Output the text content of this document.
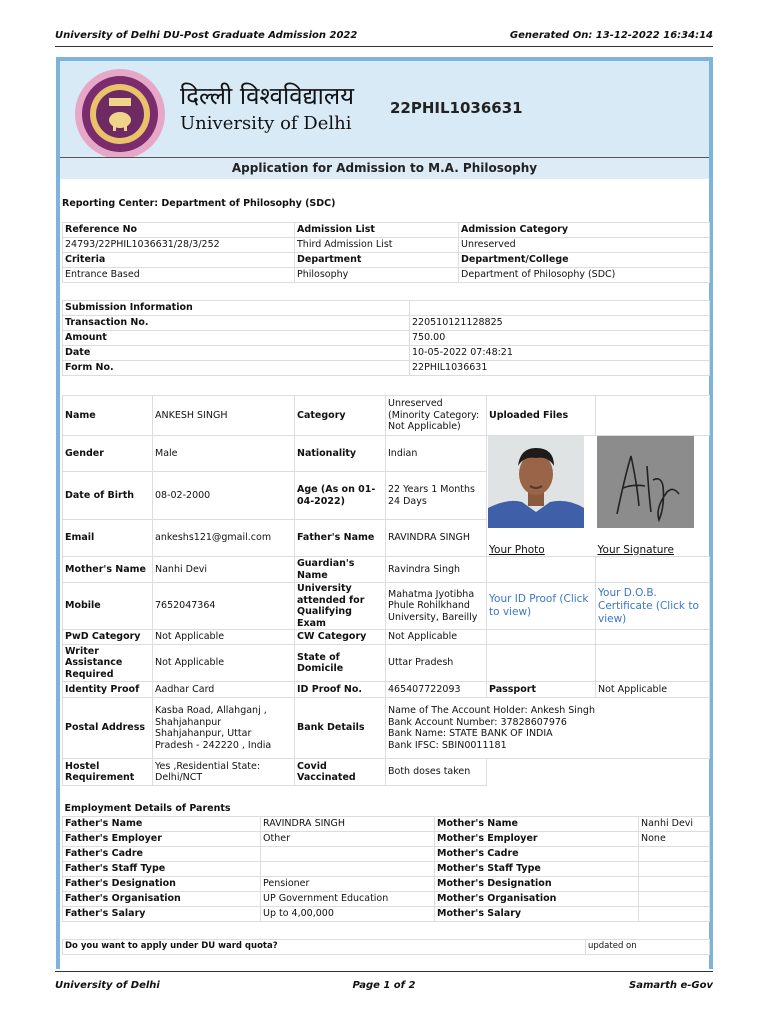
University of Delhi DU-Post Graduate Admission 2022	Generated On: 13-12-2022 16:34:14
दिल्ली विश्वविद्यालय
University of Delhi
22PHIL1036631
Application for Admission to M.A. Philosophy
Reporting Center: Department of Philosophy (SDC)
Reference No	Admission List	Admission Category
24793/22PHIL1036631/28/3/252	Third Admission List	Unreserved
Criteria	Department	Department/College
Entrance Based	Philosophy	Department of Philosophy (SDC)
Submission Information	
Transaction No.	220510121128825
Amount	750.00
Date	10-05-2022 07:48:21
Form No.	22PHIL1036631
Name	ANKESH SINGH	Category	Unreserved (Minority Category: Not Applicable)	Uploaded Files	
Gender	Male	Nationality	Indian	Your Photo	Your Signature

Date of Birth	08-02-2000	Age (As on 01-04-2022)	22 Years 1 Months 24 Days		
Email	ankeshs121@gmail.com	Father's Name	RAVINDRA SINGH		
Mother's Name	Nanhi Devi	Guardian's Name	Ravindra Singh		
Mobile	7652047364	University attended for Qualifying Exam	Mahatma Jyotibha Phule Rohilkhand University, Bareilly	Your ID Proof (Click to view)	Your D.O.B. Certificate (Click to view)
PwD Category	Not Applicable	CW Category	Not Applicable		
Writer Assistance Required	Not Applicable	State of Domicile	Uttar Pradesh		
Identity Proof	Aadhar Card	ID Proof No.	465407722093	Passport	Not Applicable
Postal Address	Kasba Road, Allahganj , Shahjahanpur Shahjahanpur, Uttar Pradesh - 242220 , India	Bank Details	Name of The Account Holder: Ankesh Singh
Bank Account Number: 37828607976
Bank Name: STATE BANK OF INDIA
Bank IFSC: SBIN0011181		

Hostel Requirement	Yes ,Residential State: Delhi/NCT	Covid Vaccinated	Both doses taken		
Employment Details of Parents			
Father's Name	RAVINDRA SINGH	Mother's Name	Nanhi Devi
Father's Employer	Other	Mother's Employer	None
Father's Cadre		Mother's Cadre	
Father's Staff Type		Mother's Staff Type	
Father's Designation	Pensioner	Mother's Designation	
Father's Organisation	UP Government Education	Mother's Organisation	
Father's Salary	Up to 4,00,000	Mother's Salary	
Do you want to apply under DU ward quota?	updated on
University of Delhi	Page 1 of 2	Samarth e-Gov
